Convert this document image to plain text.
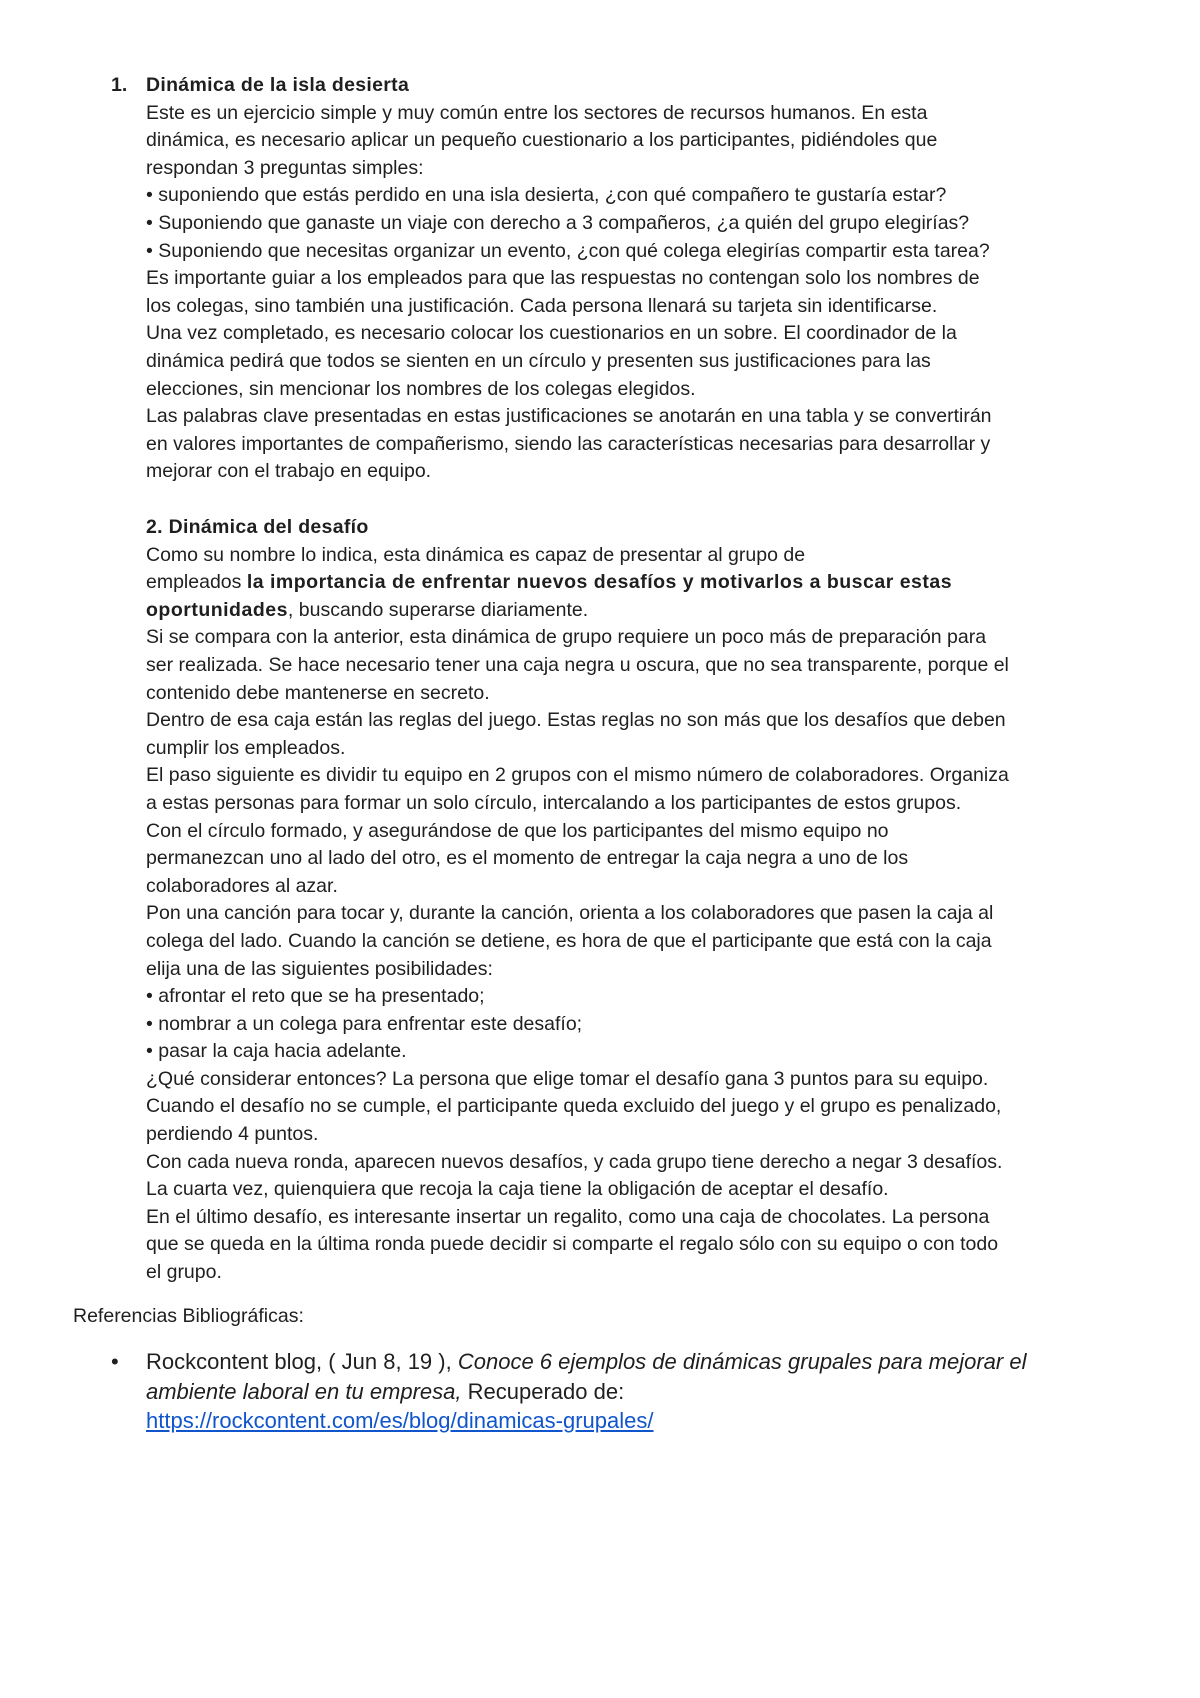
1. Dinámica de la isla desierta
Este es un ejercicio simple y muy común entre los sectores de recursos humanos. En esta
dinámica, es necesario aplicar un pequeño cuestionario a los participantes, pidiéndoles que
respondan 3 preguntas simples:
• suponiendo que estás perdido en una isla desierta, ¿con qué compañero te gustaría estar?
• Suponiendo que ganaste un viaje con derecho a 3 compañeros, ¿a quién del grupo elegirías?
• Suponiendo que necesitas organizar un evento, ¿con qué colega elegirías compartir esta tarea?
Es importante guiar a los empleados para que las respuestas no contengan solo los nombres de
los colegas, sino también una justificación. Cada persona llenará su tarjeta sin identificarse.
Una vez completado, es necesario colocar los cuestionarios en un sobre. El coordinador de la
dinámica pedirá que todos se sienten en un círculo y presenten sus justificaciones para las
elecciones, sin mencionar los nombres de los colegas elegidos.
Las palabras clave presentadas en estas justificaciones se anotarán en una tabla y se convertirán
en valores importantes de compañerismo, siendo las características necesarias para desarrollar y
mejorar con el trabajo en equipo.
2. Dinámica del desafío
Como su nombre lo indica, esta dinámica es capaz de presentar al grupo de
empleados la importancia de enfrentar nuevos desafíos y motivarlos a buscar estas
oportunidades, buscando superarse diariamente.
Si se compara con la anterior, esta dinámica de grupo requiere un poco más de preparación para
ser realizada. Se hace necesario tener una caja negra u oscura, que no sea transparente, porque el
contenido debe mantenerse en secreto.
Dentro de esa caja están las reglas del juego. Estas reglas no son más que los desafíos que deben
cumplir los empleados.
El paso siguiente es dividir tu equipo en 2 grupos con el mismo número de colaboradores. Organiza
a estas personas para formar un solo círculo, intercalando a los participantes de estos grupos.
Con el círculo formado, y asegurándose de que los participantes del mismo equipo no
permanezcan uno al lado del otro, es el momento de entregar la caja negra a uno de los
colaboradores al azar.
Pon una canción para tocar y, durante la canción, orienta a los colaboradores que pasen la caja al
colega del lado. Cuando la canción se detiene, es hora de que el participante que está con la caja
elija una de las siguientes posibilidades:
• afrontar el reto que se ha presentado;
• nombrar a un colega para enfrentar este desafío;
• pasar la caja hacia adelante.
¿Qué considerar entonces? La persona que elige tomar el desafío gana 3 puntos para su equipo.
Cuando el desafío no se cumple, el participante queda excluido del juego y el grupo es penalizado,
perdiendo 4 puntos.
Con cada nueva ronda, aparecen nuevos desafíos, y cada grupo tiene derecho a negar 3 desafíos.
La cuarta vez, quienquiera que recoja la caja tiene la obligación de aceptar el desafío.
En el último desafío, es interesante insertar un regalito, como una caja de chocolates. La persona
que se queda en la última ronda puede decidir si comparte el regalo sólo con su equipo o con todo
el grupo.
Referencias Bibliográficas:
• Rockcontent blog, ( Jun 8, 19 ), Conoce 6 ejemplos de dinámicas grupales para mejorar el
ambiente laboral en tu empresa, Recuperado de:
https://rockcontent.com/es/blog/dinamicas-grupales/
